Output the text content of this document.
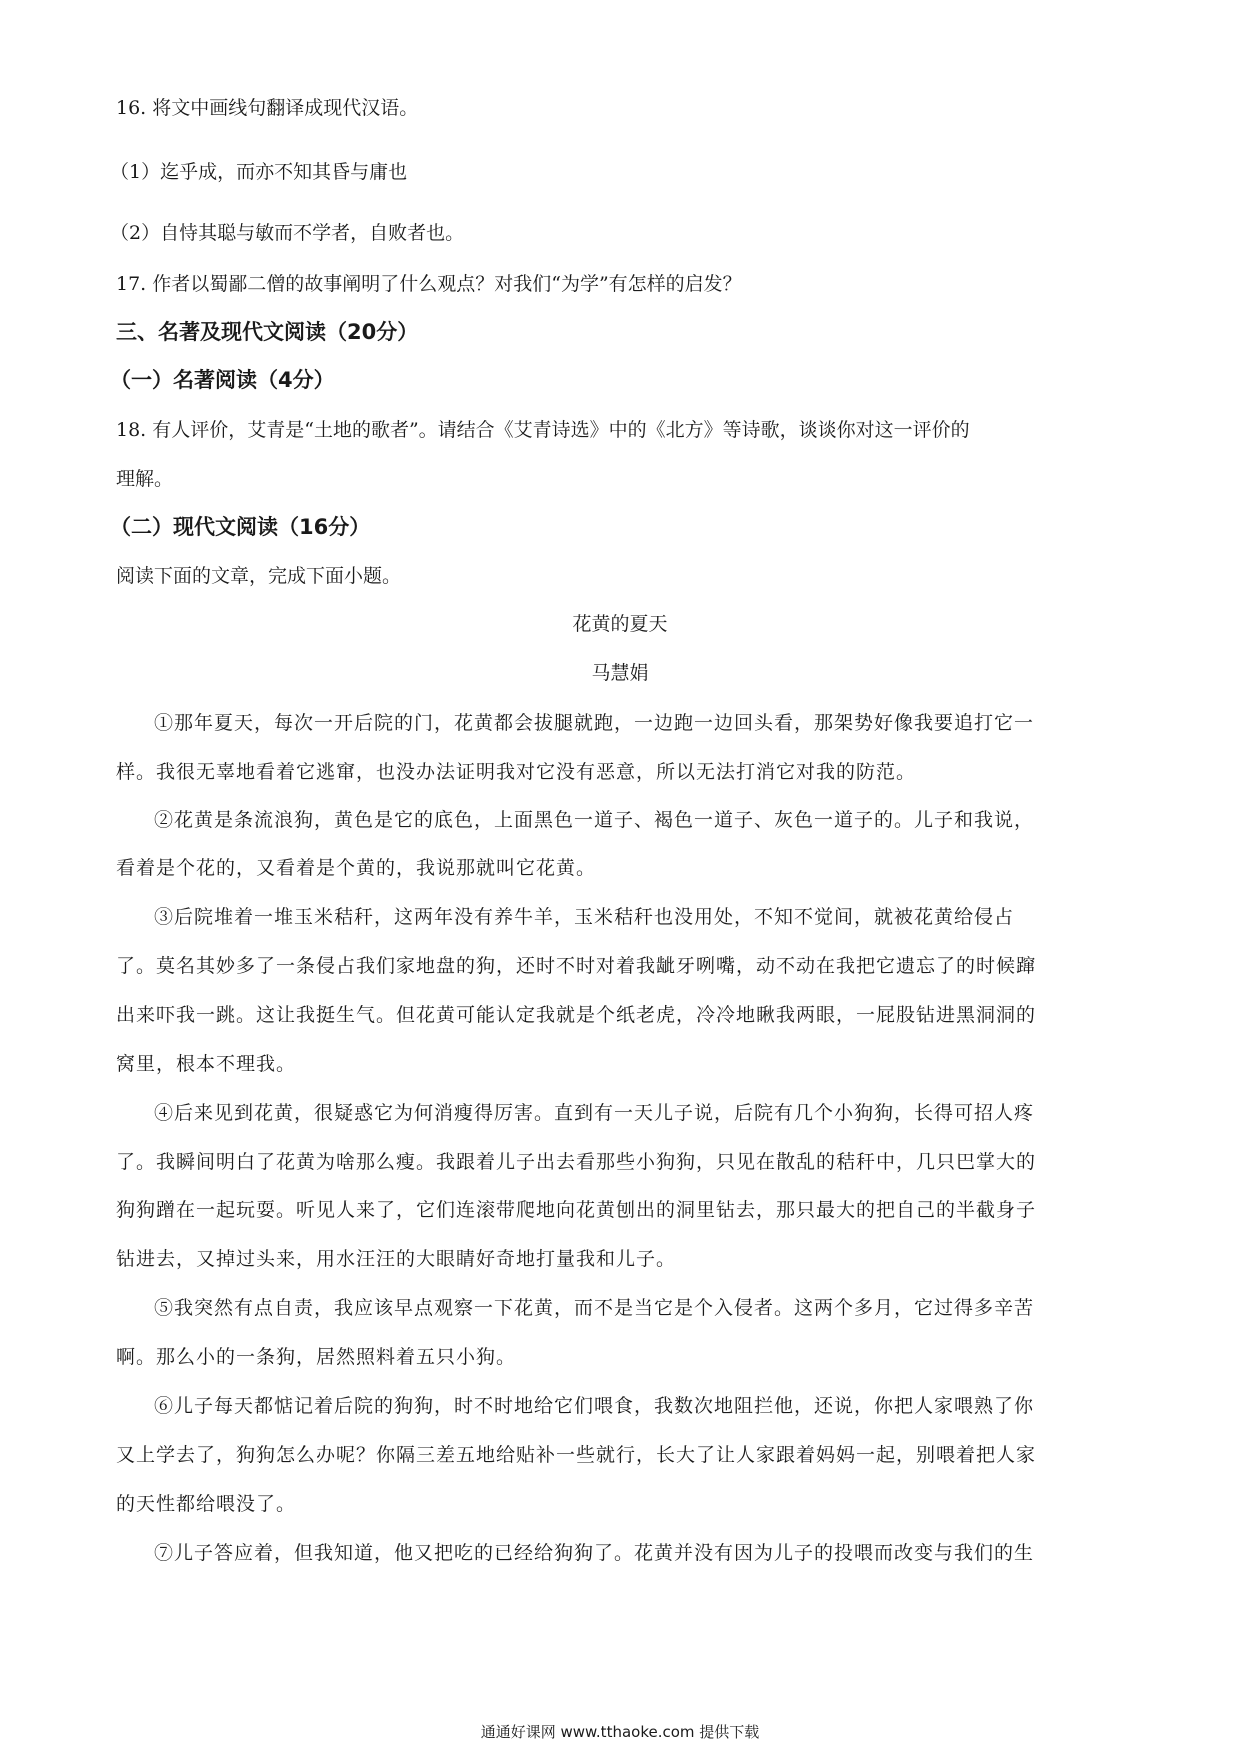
16. 将文中画线句翻译成现代汉语。
（1）迄乎成，而亦不知其昏与庸也
（2）自恃其聪与敏而不学者，自败者也。
17. 作者以蜀鄙二僧的故事阐明了什么观点？对我们“为学”有怎样的启发？
三、名著及现代文阅读（20分）
（一）名著阅读（4分）
18. 有人评价，艾青是“土地的歌者”。请结合《艾青诗选》中的《北方》等诗歌，谈谈你对这一评价的
理解。
（二）现代文阅读（16分）
阅读下面的文章，完成下面小题。
花黄的夏天
马慧娟
①那年夏天，每次一开后院的门，花黄都会拔腿就跑，一边跑一边回头看，那架势好像我要追打它一
样。我很无辜地看着它逃窜，也没办法证明我对它没有恶意，所以无法打消它对我的防范。
②花黄是条流浪狗，黄色是它的底色，上面黑色一道子、褐色一道子、灰色一道子的。儿子和我说，
看着是个花的，又看着是个黄的，我说那就叫它花黄。
③后院堆着一堆玉米秸秆，这两年没有养牛羊，玉米秸秆也没用处，不知不觉间，就被花黄给侵占
了。莫名其妙多了一条侵占我们家地盘的狗，还时不时对着我龇牙咧嘴，动不动在我把它遗忘了的时候蹿
出来吓我一跳。这让我挺生气。但花黄可能认定我就是个纸老虎，冷冷地瞅我两眼，一屁股钻进黑洞洞的
窝里，根本不理我。
④后来见到花黄，很疑惑它为何消瘦得厉害。直到有一天儿子说，后院有几个小狗狗，长得可招人疼
了。我瞬间明白了花黄为啥那么瘦。我跟着儿子出去看那些小狗狗，只见在散乱的秸秆中，几只巴掌大的
狗狗蹭在一起玩耍。听见人来了，它们连滚带爬地向花黄刨出的洞里钻去，那只最大的把自己的半截身子
钻进去，又掉过头来，用水汪汪的大眼睛好奇地打量我和儿子。
⑤我突然有点自责，我应该早点观察一下花黄，而不是当它是个入侵者。这两个多月，它过得多辛苦
啊。那么小的一条狗，居然照料着五只小狗。
⑥儿子每天都惦记着后院的狗狗，时不时地给它们喂食，我数次地阻拦他，还说，你把人家喂熟了你
又上学去了，狗狗怎么办呢？你隔三差五地给贴补一些就行，长大了让人家跟着妈妈一起，别喂着把人家
的天性都给喂没了。
⑦儿子答应着，但我知道，他又把吃的已经给狗狗了。花黄并没有因为儿子的投喂而改变与我们的生
通通好课网 www.tthaoke.com 提供下载
